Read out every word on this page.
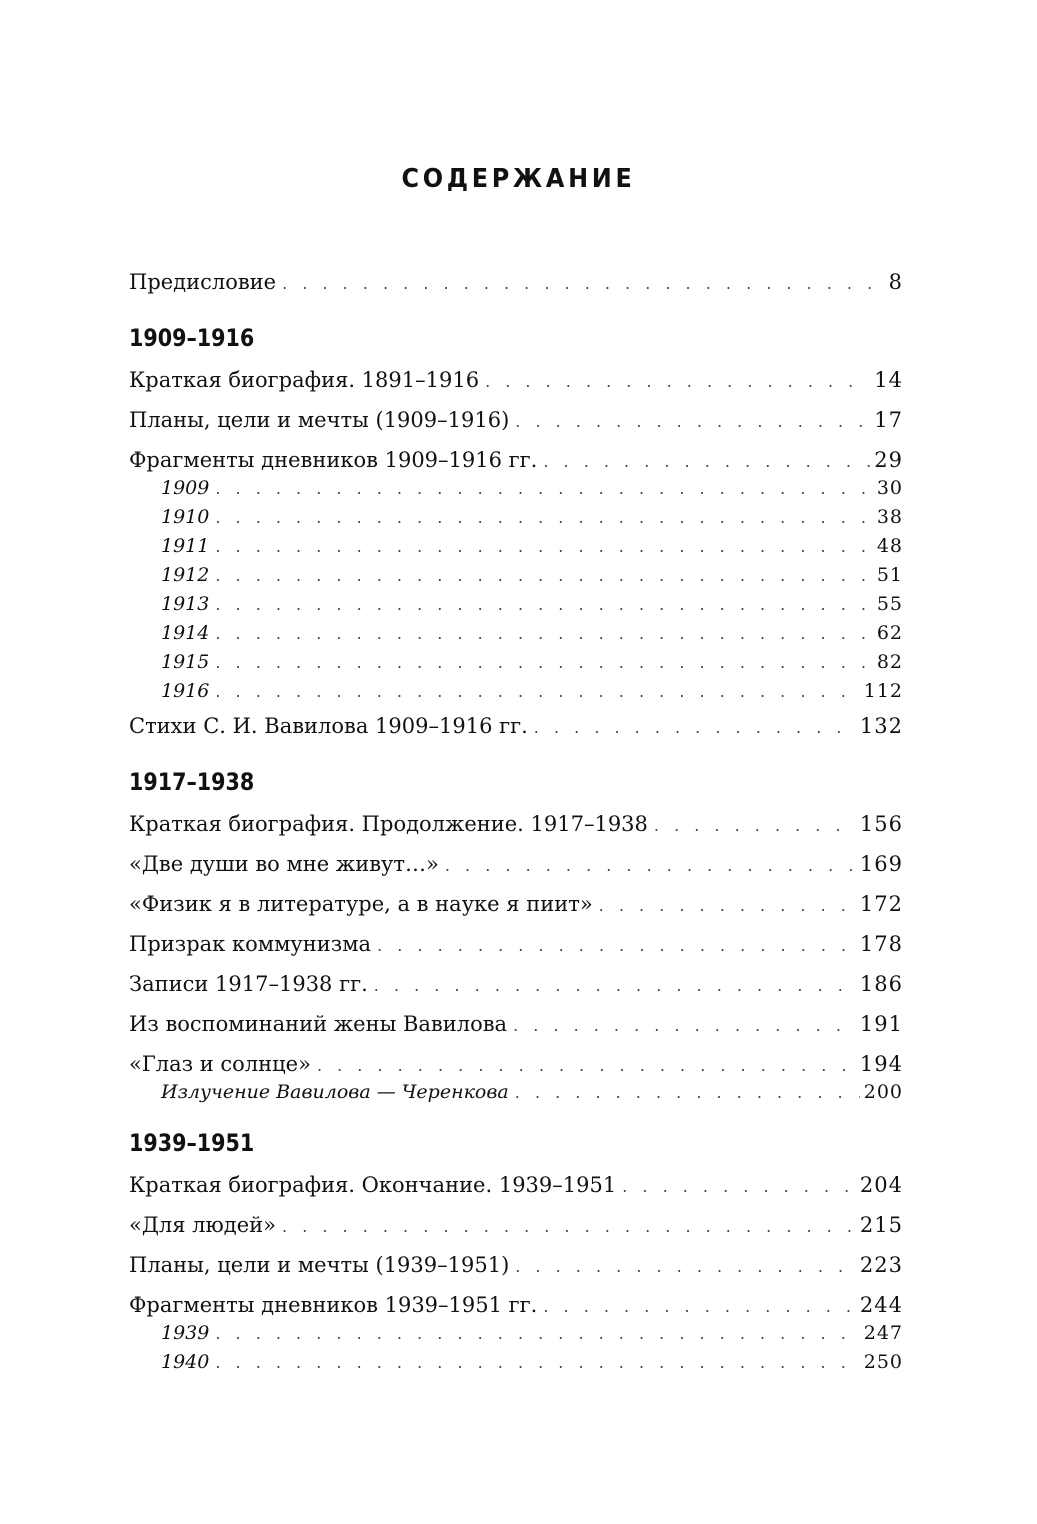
СОДЕРЖАНИЕ
Предисловие . . .	8
1909–1916
Краткая биография. 1891–1916 . . .	14
Планы, цели и мечты (1909–1916) . . .	17
Фрагменты дневников 1909–1916 гг. . . .	29
1909 . . .	30
1910 . . .	38
1911 . . .	48
1912 . . .	51
1913 . . .	55
1914 . . .	62
1915 . . .	82
1916 . . .	112
Стихи С. И. Вавилова 1909–1916 гг. . . .	132
1917–1938
Краткая биография. Продолжение. 1917–1938 . . .	156
«Две души во мне живут…» . . .	169
«Физик я в литературе, а в науке я пиит» . . .	172
Призрак коммунизма . . .	178
Записи 1917–1938 гг. . . .	186
Из воспоминаний жены Вавилова . . .	191
«Глаз и солнце» . . .	194
Излучение Вавилова — Черенкова . . .	200
1939–1951
Краткая биография. Окончание. 1939–1951 . . .	204
«Для людей» . . .	215
Планы, цели и мечты (1939–1951) . . .	223
Фрагменты дневников 1939–1951 гг. . . .	244
1939 . . .	247
1940 . . .	250
